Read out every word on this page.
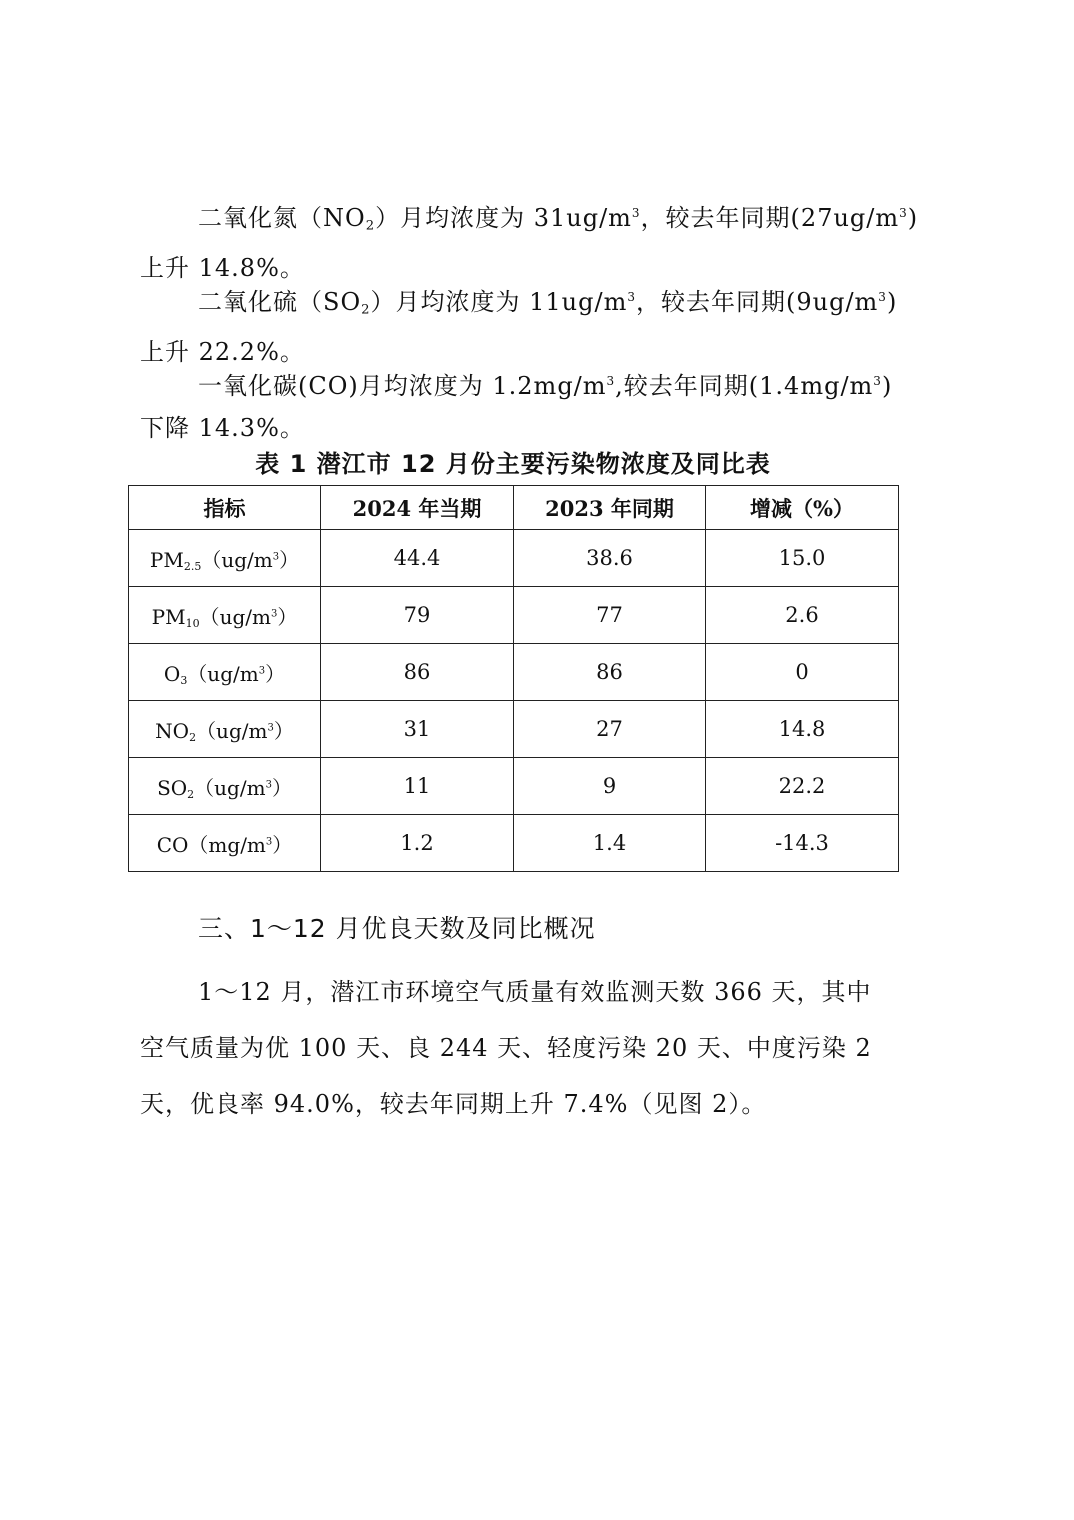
二氧化氮$(NO_2)$月均浓度为 $31ug/m^3$，较去年同期$(27ug/m^3)$
上升 14.8%。
二氧化硫$(SO_2)$月均浓度为 $11ug/m^3$，较去年同期$(9ug/m^3)$
上升 22.2%。
一氧化碳(CO)月均浓度为 $1.2mg/m^3$,较去年同期$(1.4mg/m^3)$
下降 14.3%。
表 1 潜江市 12 月份主要污染物浓度及同比表
指标	2024 年当期	2023 年同期	增减（%）
$PM_{2.5}(ug/m^3)$	44.4	38.6	15.0
$PM_{10}(ug/m^3)$	79	77	2.6
$O_3(ug/m^3)$	86	86	0
$NO_2(ug/m^3)$	31	27	14.8
$SO_2(ug/m^3)$	11	9	22.2
$CO(mg/m^3)$	1.2	1.4	-14.3
三、1～12 月优良天数及同比概况
1～12 月，潜江市环境空气质量有效监测天数 366 天，其中
空气质量为优 100 天、良 244 天、轻度污染 20 天、中度污染 2
天，优良率 94.0%，较去年同期上升 7.4%（见图 2）。
